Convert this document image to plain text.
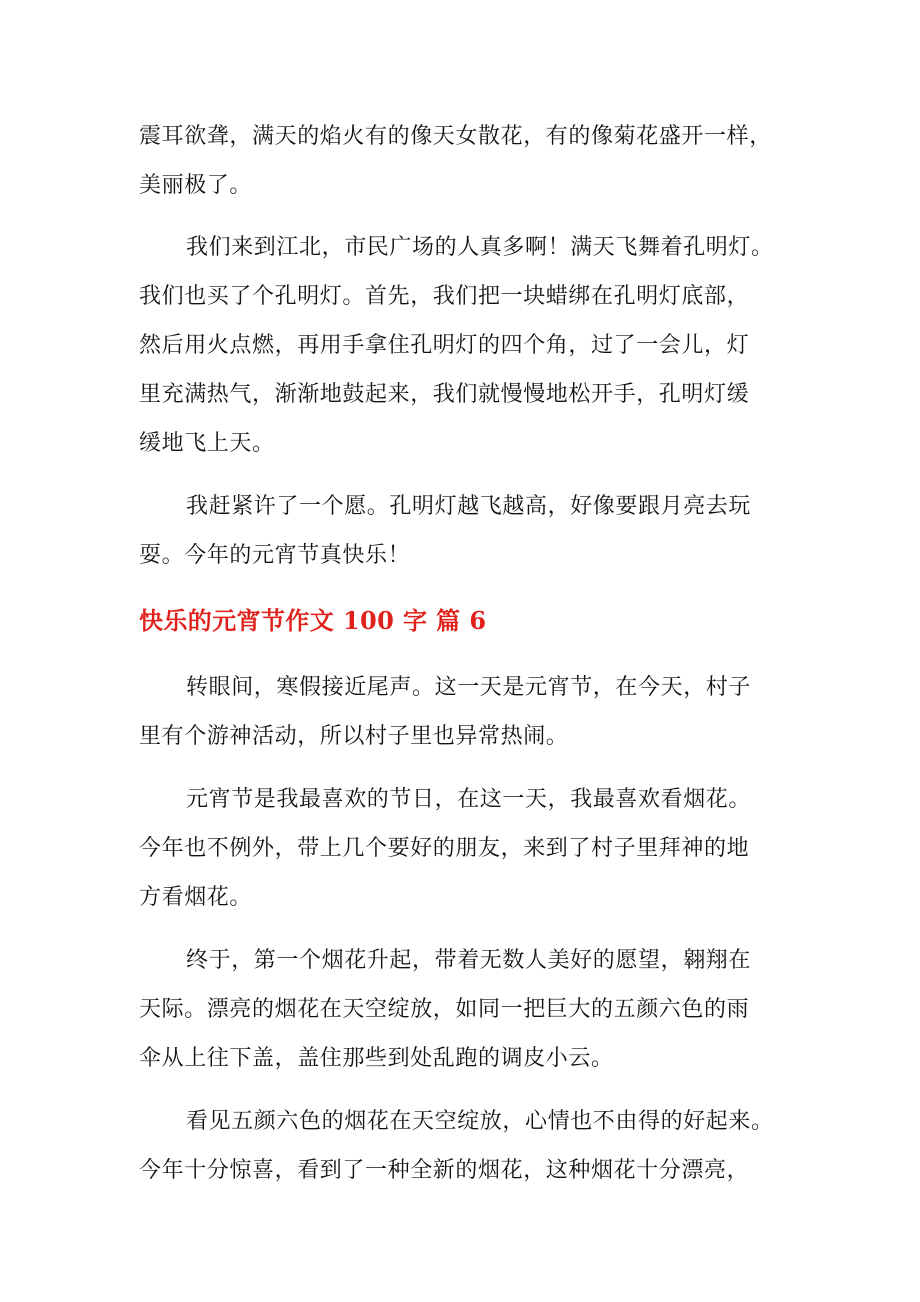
震耳欲聋，满天的焰火有的像天女散花，有的像菊花盛开一样，
美丽极了。
我们来到江北，市民广场的人真多啊！满天飞舞着孔明灯。
我们也买了个孔明灯。首先，我们把一块蜡绑在孔明灯底部，
然后用火点燃，再用手拿住孔明灯的四个角，过了一会儿，灯
里充满热气，渐渐地鼓起来，我们就慢慢地松开手，孔明灯缓
缓地飞上天。
我赶紧许了一个愿。孔明灯越飞越高，好像要跟月亮去玩
耍。今年的元宵节真快乐！
快乐的元宵节作文 100 字 篇 6
转眼间，寒假接近尾声。这一天是元宵节，在今天，村子
里有个游神活动，所以村子里也异常热闹。
元宵节是我最喜欢的节日，在这一天，我最喜欢看烟花。
今年也不例外，带上几个要好的朋友，来到了村子里拜神的地
方看烟花。
终于，第一个烟花升起，带着无数人美好的愿望，翱翔在
天际。漂亮的烟花在天空绽放，如同一把巨大的五颜六色的雨
伞从上往下盖，盖住那些到处乱跑的调皮小云。
看见五颜六色的烟花在天空绽放，心情也不由得的好起来。
今年十分惊喜，看到了一种全新的烟花，这种烟花十分漂亮，
